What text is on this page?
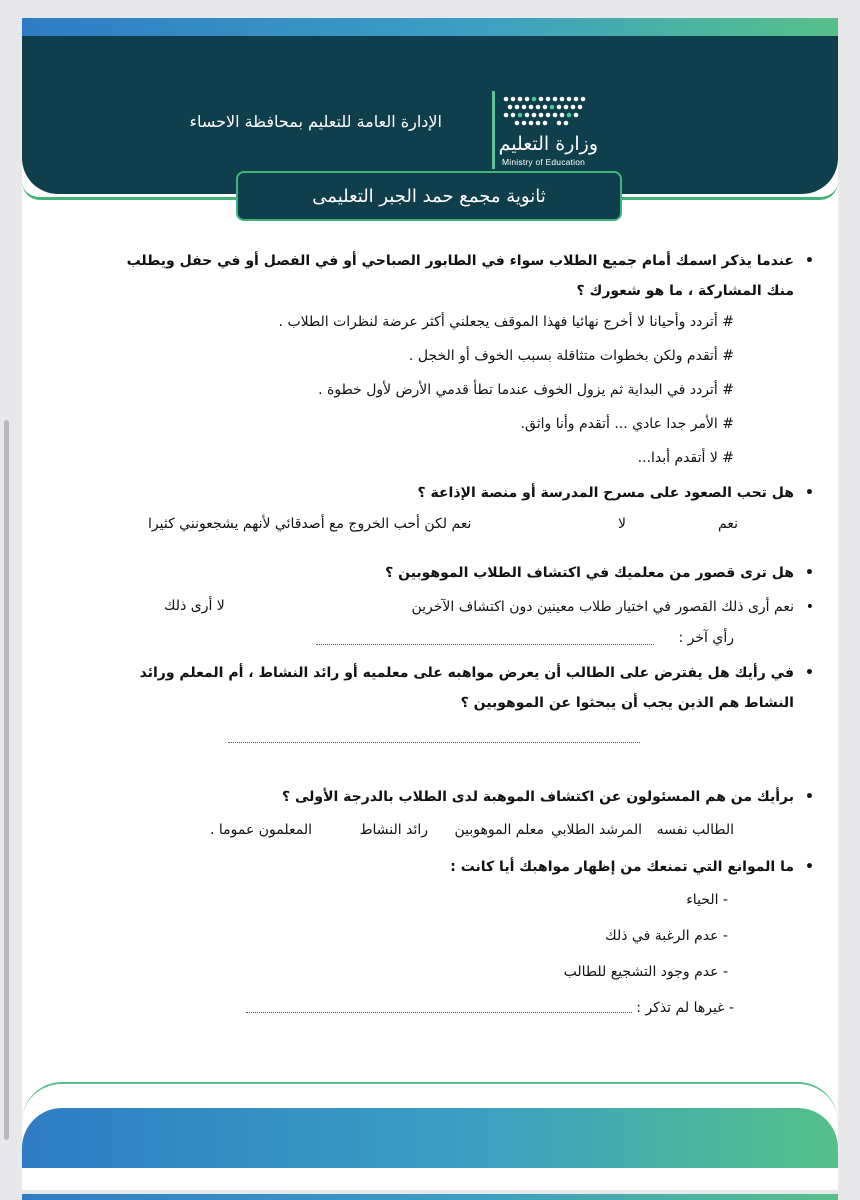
وزارة التعليم
Ministry of Education
الإدارة العامة للتعليم بمحافظة الاحساء
ثانوية مجمع حمد الجبر التعليمى
• عندما يذكر اسمك أمام جميع الطلاب سواء في الطابور الصباحي أو في الفصل أو في حفل ويطلب منك المشاركة ، ما هو شعورك ؟
# أتردد وأحيانا لا أخرج نهائيا فهذا الموقف يجعلني أكثر عرضة لنظرات الطلاب .
# أتقدم ولكن بخطوات متثاقلة بسبب الخوف أو الخجل .
# أتردد في البداية ثم يزول الخوف عندما تطأ قدمي الأرض لأول خطوة .
# الأمر جدا عادي ... أتقدم وأنا واثق.
# لا أتقدم أبدا...
• هل تحب الصعود على مسرح المدرسة أو منصة الإذاعة ؟
نعم
لا
نعم لكن أحب الخروج مع أصدقائي لأنهم يشجعونني كثيرا
• هل ترى قصور من معلميك في اكتشاف الطلاب الموهوبين ؟
• نعم أرى ذلك القصور في اختيار طلاب معينين دون اكتشاف الآخرين
لا أرى ذلك
رأي آخر :
• في رأيك هل يفترض على الطالب أن يعرض مواهبه على معلميه أو رائد النشاط ، أم المعلم ورائد النشاط هم الذين يجب أن يبحثوا عن الموهوبين ؟
• برأيك من هم المسئولون عن اكتشاف الموهبة لدى الطلاب بالدرجة الأولى ؟
الطالب نفسه
المرشد الطلابي
معلم الموهوبين
رائد النشاط
المعلمون عموما .
• ما الموانع التي تمنعك من إظهار مواهبك أيا كانت :
- الحياء
- عدم الرغبة في ذلك
- عدم وجود التشجيع للطالب
- غيرها لم تذكر :
